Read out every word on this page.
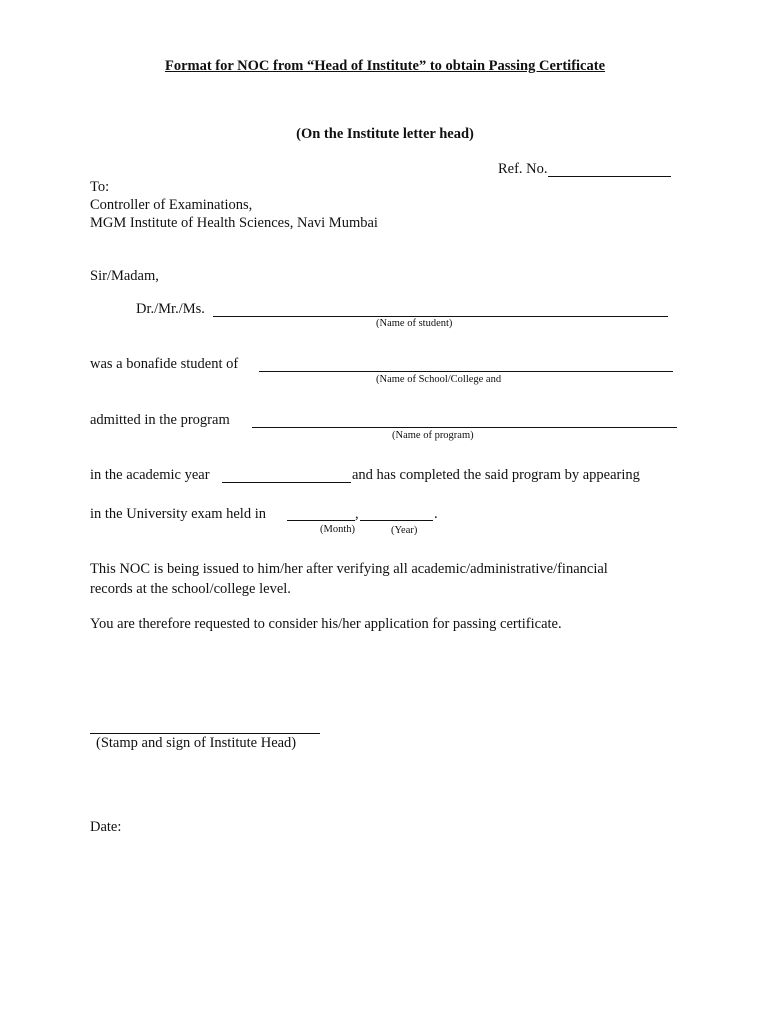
Format for NOC from “Head of Institute” to obtain Passing Certificate
(On the Institute letter head)
Ref. No.
To:
Controller of Examinations,
MGM Institute of Health Sciences, Navi Mumbai
Sir/Madam,
Dr./Mr./Ms.
(Name of student)
was a bonafide student of
(Name of School/College and
admitted in the program
(Name of program)
in the academic year	and has completed the said program by appearing
in the University exam held in	,	.
(Month)	(Year)
This NOC is being issued to him/her after verifying all academic/administrative/financial
records at the school/college level.
You are therefore requested to consider his/her application for passing certificate.
(Stamp and sign of Institute Head)
Date:
